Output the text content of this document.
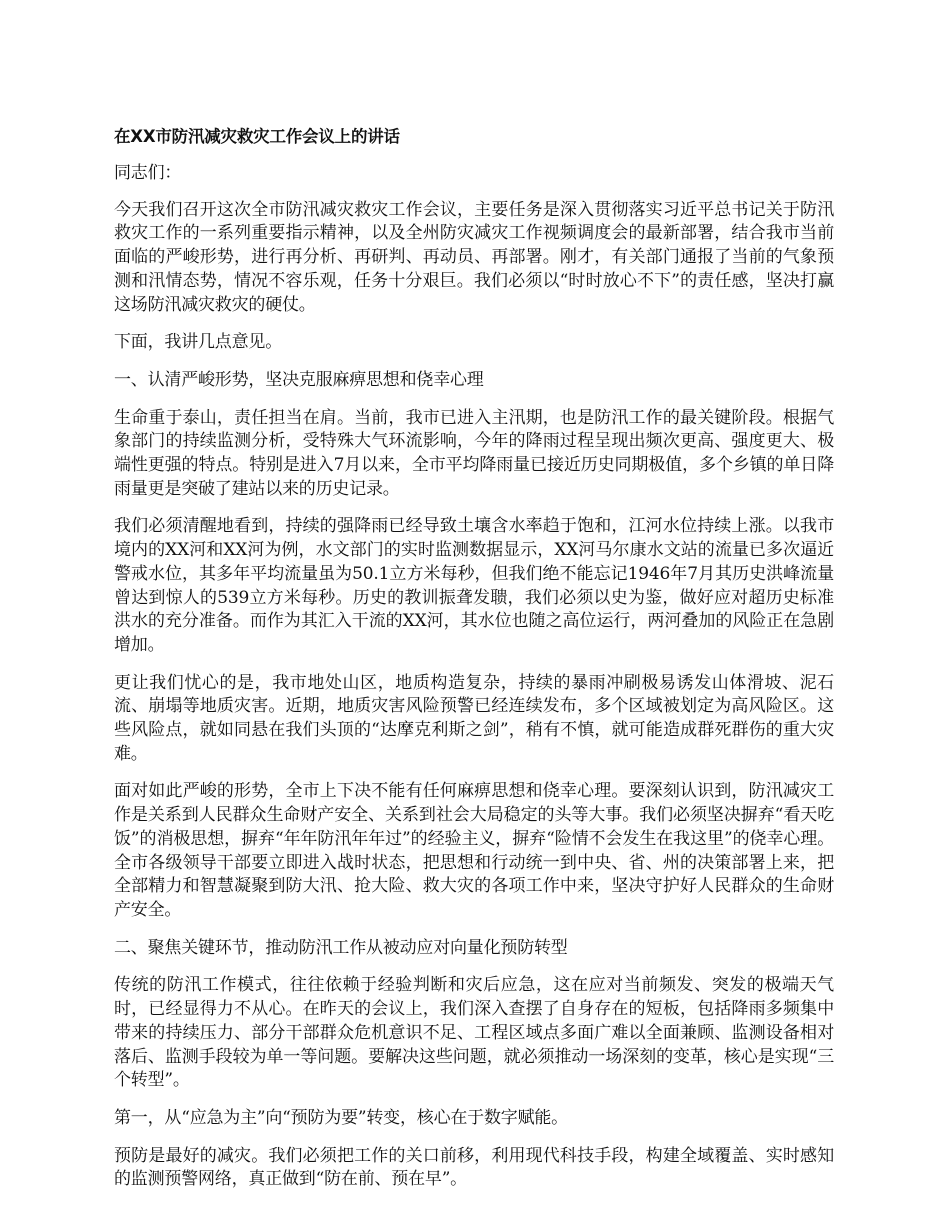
在XX市防汛减灾救灾工作会议上的讲话
同志们：
今天我们召开这次全市防汛减灾救灾工作会议，主要任务是深入贯彻落实习近平总书记关于防汛救灾工作的一系列重要指示精神，以及全州防灾减灾工作视频调度会的最新部署，结合我市当前面临的严峻形势，进行再分析、再研判、再动员、再部署。刚才，有关部门通报了当前的气象预测和汛情态势，情况不容乐观，任务十分艰巨。我们必须以“时时放心不下”的责任感，坚决打赢这场防汛减灾救灾的硬仗。
下面，我讲几点意见。
一、认清严峻形势，坚决克服麻痹思想和侥幸心理
生命重于泰山，责任担当在肩。当前，我市已进入主汛期，也是防汛工作的最关键阶段。根据气象部门的持续监测分析，受特殊大气环流影响，今年的降雨过程呈现出频次更高、强度更大、极端性更强的特点。特别是进入7月以来，全市平均降雨量已接近历史同期极值，多个乡镇的单日降雨量更是突破了建站以来的历史记录。
我们必须清醒地看到，持续的强降雨已经导致土壤含水率趋于饱和，江河水位持续上涨。以我市境内的XX河和XX河为例，水文部门的实时监测数据显示，XX河马尔康水文站的流量已多次逼近警戒水位，其多年平均流量虽为50.1立方米每秒，但我们绝不能忘记1946年7月其历史洪峰流量曾达到惊人的539立方米每秒。历史的教训振聋发聩，我们必须以史为鉴，做好应对超历史标准洪水的充分准备。而作为其汇入干流的XX河，其水位也随之高位运行，两河叠加的风险正在急剧增加。
更让我们忧心的是，我市地处山区，地质构造复杂，持续的暴雨冲刷极易诱发山体滑坡、泥石流、崩塌等地质灾害。近期，地质灾害风险预警已经连续发布，多个区域被划定为高风险区。这些风险点，就如同悬在我们头顶的“达摩克利斯之剑”，稍有不慎，就可能造成群死群伤的重大灾难。
面对如此严峻的形势，全市上下决不能有任何麻痹思想和侥幸心理。要深刻认识到，防汛减灾工作是关系到人民群众生命财产安全、关系到社会大局稳定的头等大事。我们必须坚决摒弃“看天吃饭”的消极思想，摒弃“年年防汛年年过”的经验主义，摒弃“险情不会发生在我这里”的侥幸心理。全市各级领导干部要立即进入战时状态，把思想和行动统一到中央、省、州的决策部署上来，把全部精力和智慧凝聚到防大汛、抢大险、救大灾的各项工作中来，坚决守护好人民群众的生命财产安全。
二、聚焦关键环节，推动防汛工作从被动应对向量化预防转型
传统的防汛工作模式，往往依赖于经验判断和灾后应急，这在应对当前频发、突发的极端天气时，已经显得力不从心。在昨天的会议上，我们深入查摆了自身存在的短板，包括降雨多频集中带来的持续压力、部分干部群众危机意识不足、工程区域点多面广难以全面兼顾、监测设备相对落后、监测手段较为单一等问题。要解决这些问题，就必须推动一场深刻的变革，核心是实现“三个转型”。
第一，从“应急为主”向“预防为要”转变，核心在于数字赋能。
预防是最好的减灾。我们必须把工作的关口前移，利用现代科技手段，构建全域覆盖、实时感知的监测预警网络，真正做到“防在前、预在早”。
